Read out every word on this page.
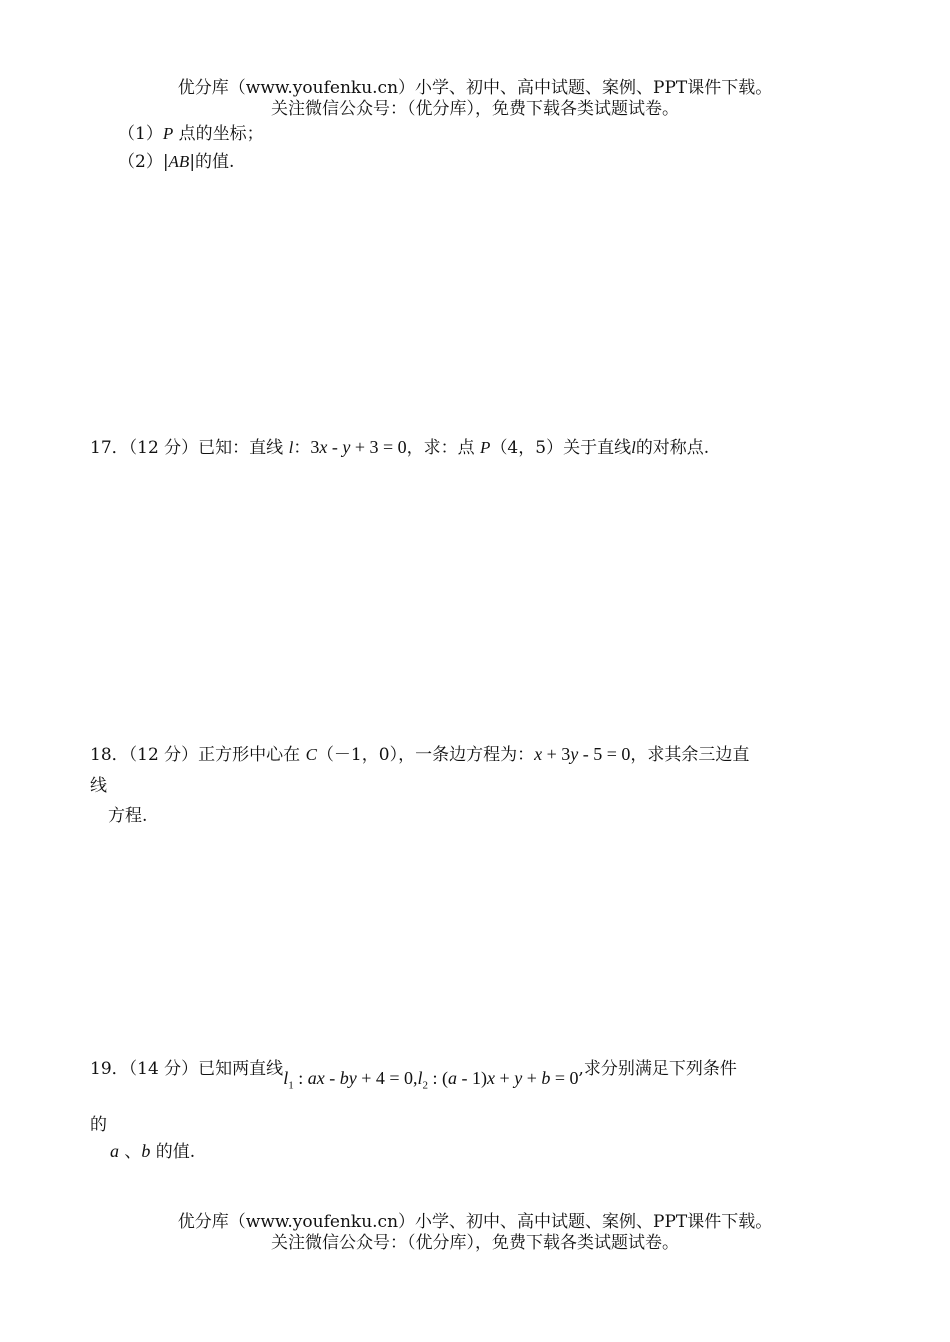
优分库（www.youfenku.cn）小学、初中、高中试题、案例、PPT课件下载。
关注微信公众号：（优分库），免费下载各类试题试卷。
（1）P 点的坐标；
（2）|AB|的值.
17．（12 分）已知：直线 l：3x - y + 3 = 0，求：点 P（4，5）关于直线l的对称点.
18．（12 分）正方形中心在 C（－1，0），一条边方程为：x + 3y - 5 = 0，求其余三边直
线
方程.
19．（14 分）已知两直线$l_1$ : ax - by + $4 = 0,l_2$ : (a - 1)x + y + b = 0,求分别满足下列条件
的
a 、b 的值.
优分库（www.youfenku.cn）小学、初中、高中试题、案例、PPT课件下载。
关注微信公众号：（优分库），免费下载各类试题试卷。
